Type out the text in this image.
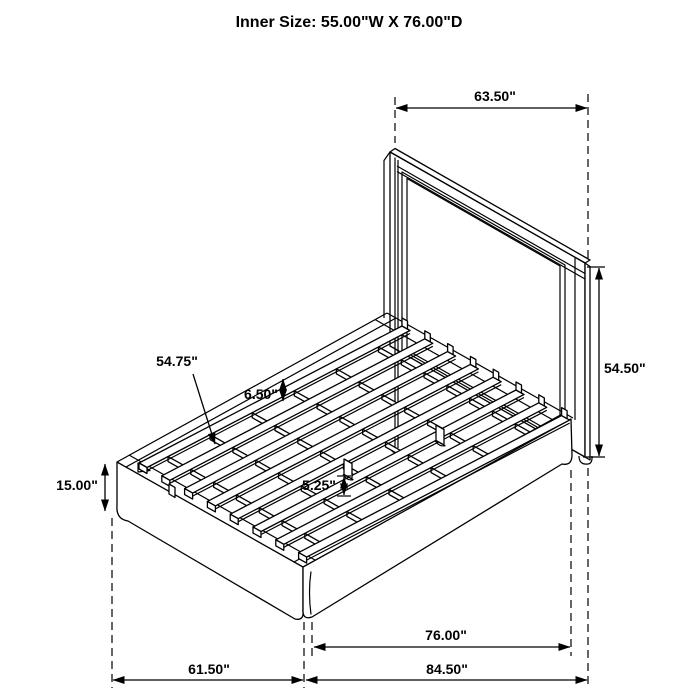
Inner Size: 55.00"W X 76.00"D
63.50"
54.50"
54.75"
6.50"
15.00"	5.25"
76.00"
61.50"	84.50"
